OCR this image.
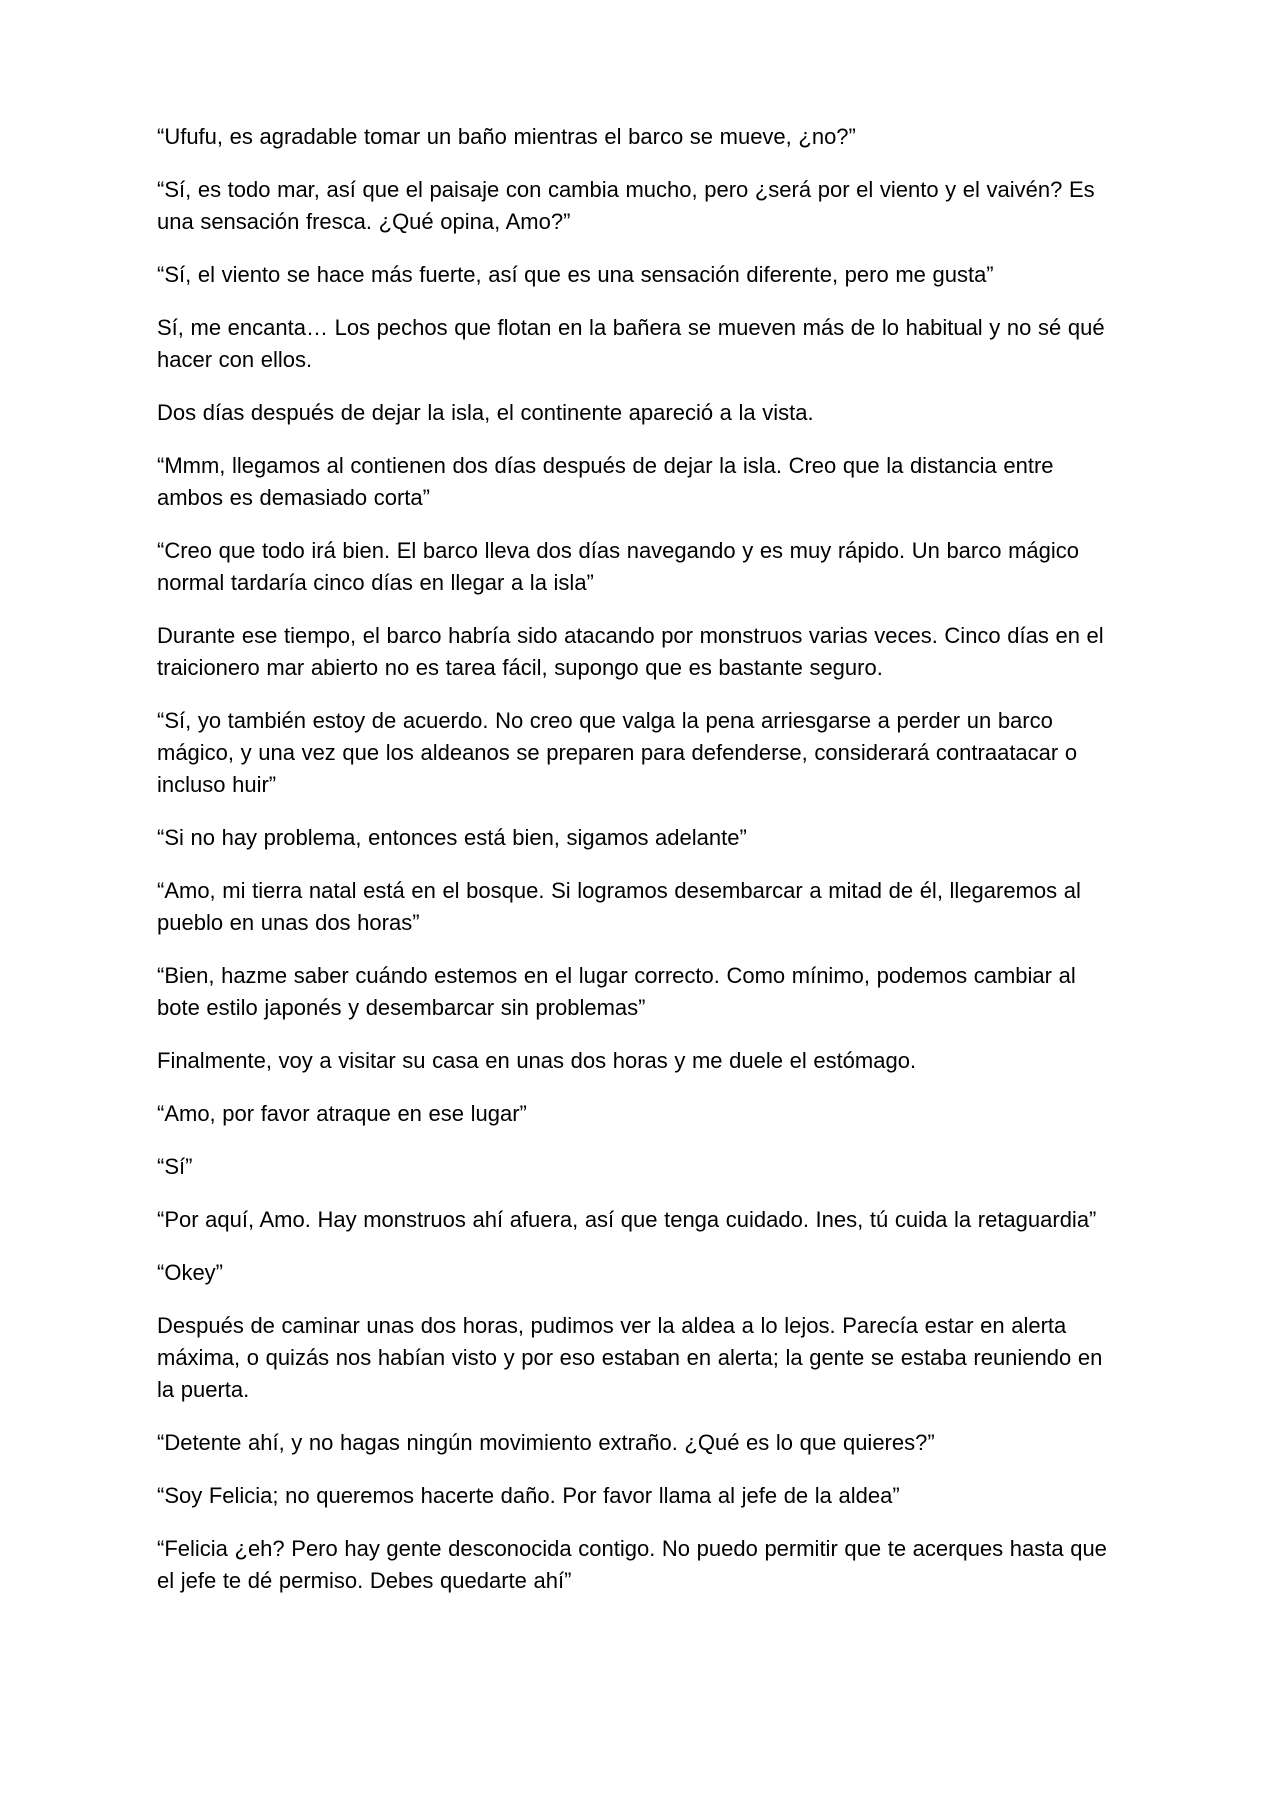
“Ufufu, es agradable tomar un baño mientras el barco se mueve, ¿no?”

“Sí, es todo mar, así que el paisaje con cambia mucho, pero ¿será por el viento y el vaivén? Es una sensación fresca. ¿Qué opina, Amo?”

“Sí, el viento se hace más fuerte, así que es una sensación diferente, pero me gusta”

Sí, me encanta… Los pechos que flotan en la bañera se mueven más de lo habitual y no sé qué hacer con ellos.

Dos días después de dejar la isla, el continente apareció a la vista.

“Mmm, llegamos al contienen dos días después de dejar la isla. Creo que la distancia entre ambos es demasiado corta”

“Creo que todo irá bien. El barco lleva dos días navegando y es muy rápido. Un barco mágico normal tardaría cinco días en llegar a la isla”

Durante ese tiempo, el barco habría sido atacando por monstruos varias veces. Cinco días en el traicionero mar abierto no es tarea fácil, supongo que es bastante seguro.

“Sí, yo también estoy de acuerdo. No creo que valga la pena arriesgarse a perder un barco mágico, y una vez que los aldeanos se preparen para defenderse, considerará contraatacar o incluso huir”

“Si no hay problema, entonces está bien, sigamos adelante”

“Amo, mi tierra natal está en el bosque. Si logramos desembarcar a mitad de él, llegaremos al pueblo en unas dos horas”

“Bien, hazme saber cuándo estemos en el lugar correcto. Como mínimo, podemos cambiar al bote estilo japonés y desembarcar sin problemas”

Finalmente, voy a visitar su casa en unas dos horas y me duele el estómago.

“Amo, por favor atraque en ese lugar”

“Sí”

“Por aquí, Amo. Hay monstruos ahí afuera, así que tenga cuidado. Ines, tú cuida la retaguardia”

“Okey”

Después de caminar unas dos horas, pudimos ver la aldea a lo lejos. Parecía estar en alerta máxima, o quizás nos habían visto y por eso estaban en alerta; la gente se estaba reuniendo en la puerta.

“Detente ahí, y no hagas ningún movimiento extraño. ¿Qué es lo que quieres?”

“Soy Felicia; no queremos hacerte daño. Por favor llama al jefe de la aldea”

“Felicia ¿eh? Pero hay gente desconocida contigo. No puedo permitir que te acerques hasta que el jefe te dé permiso. Debes quedarte ahí”
